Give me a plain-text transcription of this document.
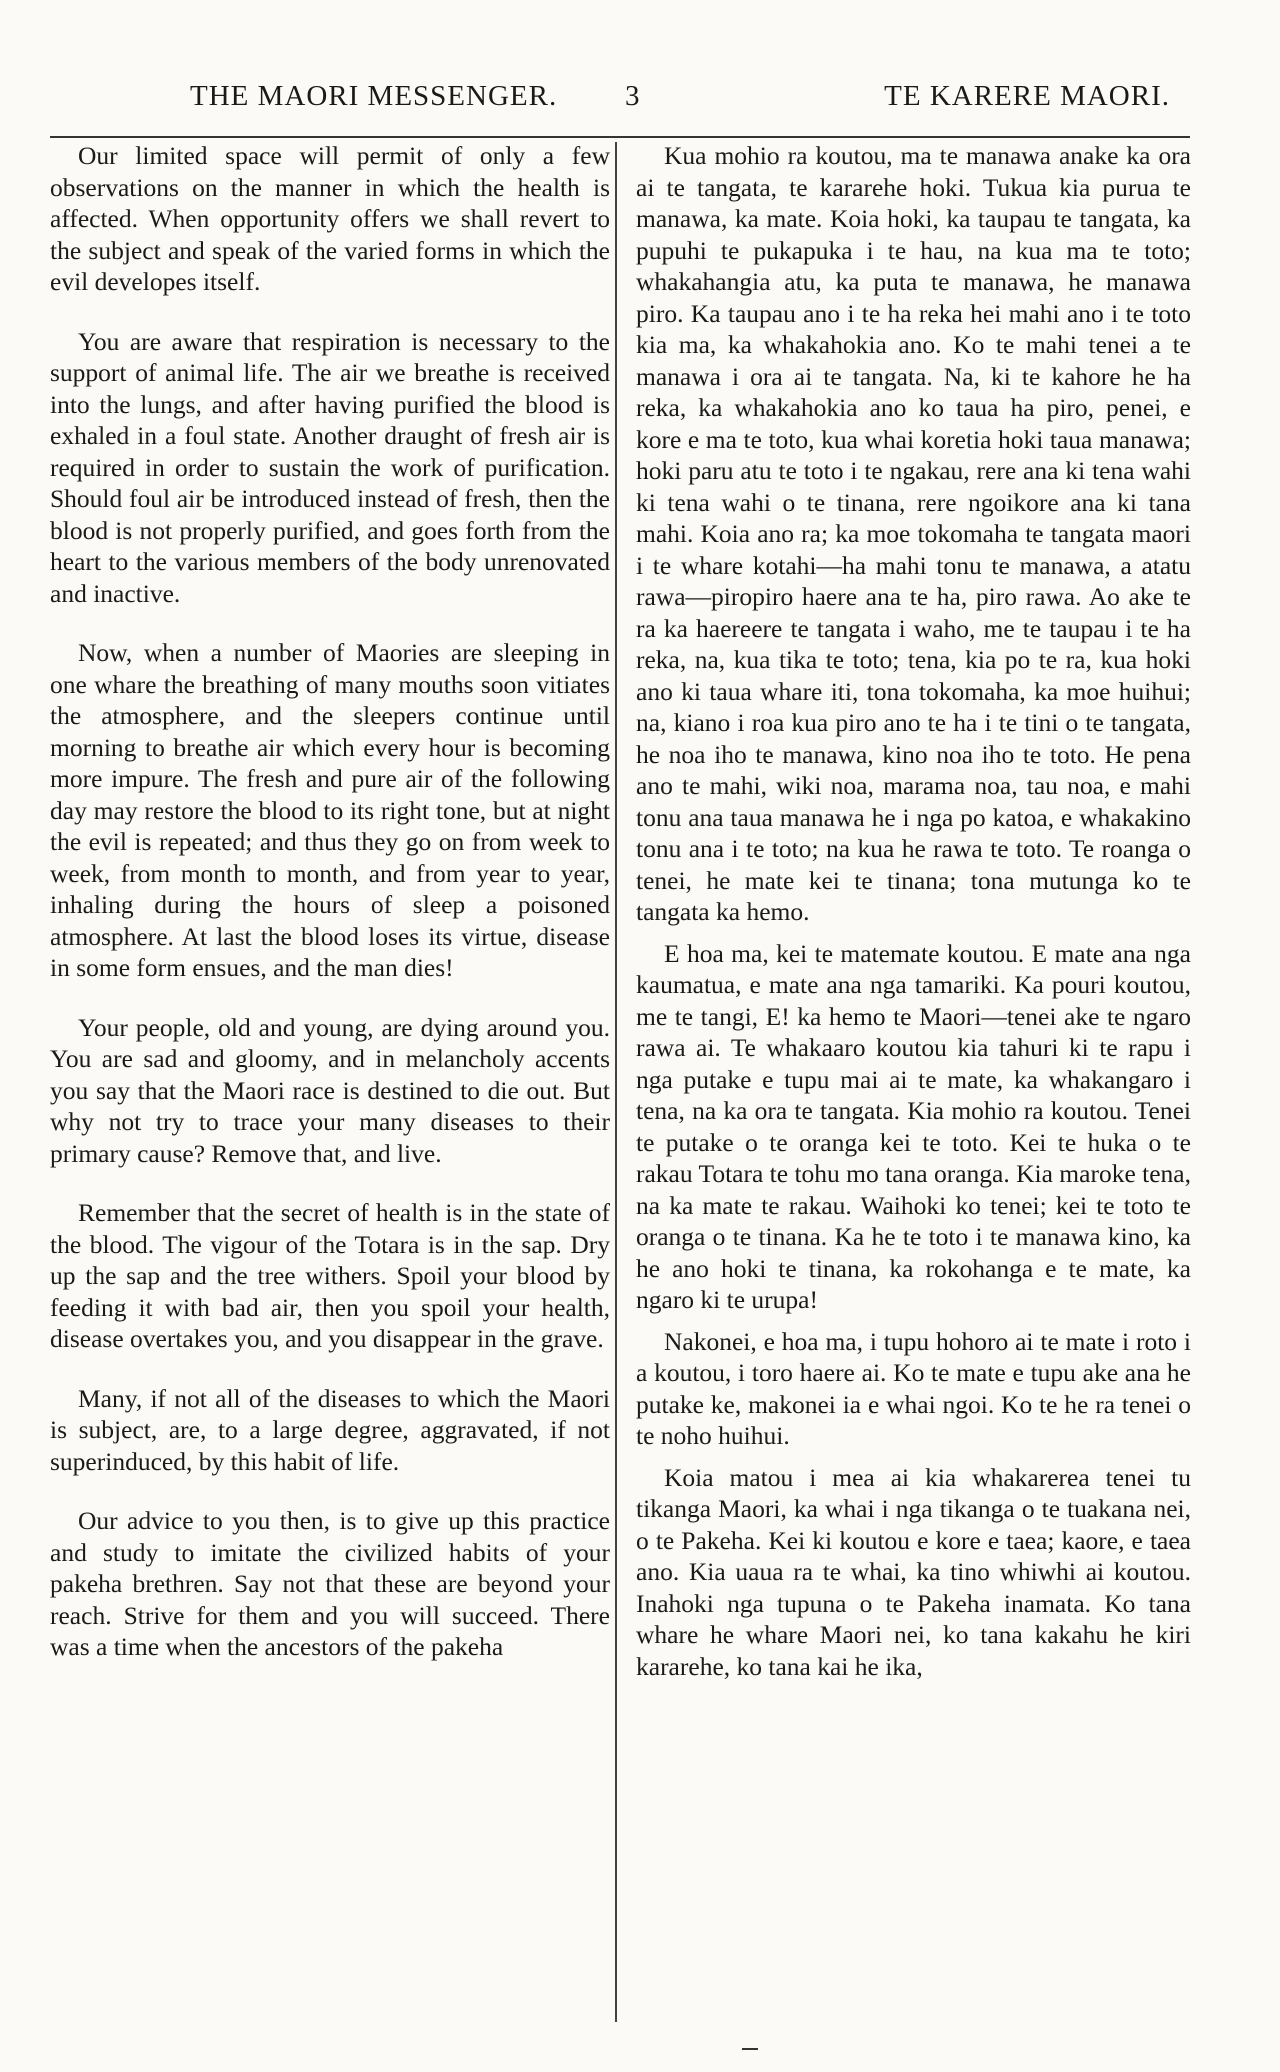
THE MAORI MESSENGER. 3	TE KARERE MAORI.

Our limited space will permit of only a few observations on the manner in which the health is affected. When opportunity offers we shall revert to the subject and speak of the varied forms in which the evil developes itself.

You are aware that respiration is necessary to the support of animal life. The air we breathe is received into the lungs, and after having purified the blood is exhaled in a foul state. Another draught of fresh air is required in order to sustain the work of purification. Should foul air be introduced instead of fresh, then the blood is not properly purified, and goes forth from the heart to the various members of the body unrenovated and inactive.

Now, when a number of Maories are sleeping in one whare the breathing of many mouths soon vitiates the atmosphere, and the sleepers continue until morning to breathe air which every hour is becoming more impure. The fresh and pure air of the following day may restore the blood to its right tone, but at night the evil is repeated; and thus they go on from week to week, from month to month, and from year to year, inhaling during the hours of sleep a poisoned atmosphere. At last the blood loses its virtue, disease in some form ensues, and the man dies!

Your people, old and young, are dying around you. You are sad and gloomy, and in melancholy accents you say that the Maori race is destined to die out. But why not try to trace your many diseases to their primary cause? Remove that, and live.

Remember that the secret of health is in the state of the blood. The vigour of the Totara is in the sap. Dry up the sap and the tree withers. Spoil your blood by feeding it with bad air, then you spoil your health, disease overtakes you, and you disappear in the grave.

Many, if not all of the diseases to which the Maori is subject, are, to a large degree, aggravated, if not superinduced, by this habit of life.

Our advice to you then, is to give up this practice and study to imitate the civilized habits of your pakeha brethren. Say not that these are beyond your reach. Strive for them and you will succeed. There was a time when the ancestors of the pakeha

Kua mohio ra koutou, ma te manawa anake ka ora ai te tangata, te kararehe hoki. Tukua kia purua te manawa, ka mate. Koia hoki, ka taupau te tangata, ka pupuhi te pukapuka i te hau, na kua ma te toto; whakahangia atu, ka puta te manawa, he manawa piro. Ka taupau ano i te ha reka hei mahi ano i te toto kia ma, ka whakahokia ano. Ko te mahi tenei a te manawa i ora ai te tangata. Na, ki te kahore he ha reka, ka whakahokia ano ko taua ha piro, penei, e kore e ma te toto, kua whai koretia hoki taua manawa; hoki paru atu te toto i te ngakau, rere ana ki tena wahi ki tena wahi o te tinana, rere ngoikore ana ki tana mahi. Koia ano ra; ka moe tokomaha te tangata maori i te whare kotahi—ha mahi tonu te manawa, a atatu rawa—piropiro haere ana te ha, piro rawa. Ao ake te ra ka haereere te tangata i waho, me te taupau i te ha reka, na, kua tika te toto; tena, kia po te ra, kua hoki ano ki taua whare iti, tona tokomaha, ka moe huihui; na, kiano i roa kua piro ano te ha i te tini o te tangata, he noa iho te manawa, kino noa iho te toto. He pena ano te mahi, wiki noa, marama noa, tau noa, e mahi tonu ana taua manawa he i nga po katoa, e whakakino tonu ana i te toto; na kua he rawa te toto. Te roanga o tenei, he mate kei te tinana; tona mutunga ko te tangata ka hemo.

E hoa ma, kei te matemate koutou. E mate ana nga kaumatua, e mate ana nga tamariki. Ka pouri koutou, me te tangi, E! ka hemo te Maori—tenei ake te ngaro rawa ai. Te whakaaro koutou kia tahuri ki te rapu i nga putake e tupu mai ai te mate, ka whakangaro i tena, na ka ora te tangata. Kia mohio ra koutou. Tenei te putake o te oranga kei te toto. Kei te huka o te rakau Totara te tohu mo tana oranga. Kia maroke tena, na ka mate te rakau. Waihoki ko tenei; kei te toto te oranga o te tinana. Ka he te toto i te manawa kino, ka he ano hoki te tinana, ka rokohanga e te mate, ka ngaro ki te urupa!

Nakonei, e hoa ma, i tupu hohoro ai te mate i roto i a koutou, i toro haere ai. Ko te mate e tupu ake ana he putake ke, makonei ia e whai ngoi. Ko te he ra tenei o te noho huihui.

Koia matou i mea ai kia whakarerea tenei tu tikanga Maori, ka whai i nga tikanga o te tuakana nei, o te Pakeha. Kei ki koutou e kore e taea; kaore, e taea ano. Kia uaua ra te whai, ka tino whiwhi ai koutou. Inahoki nga tupuna o te Pakeha inamata. Ko tana whare he whare Maori nei, ko tana kakahu he kiri kararehe, ko tana kai he ika,
